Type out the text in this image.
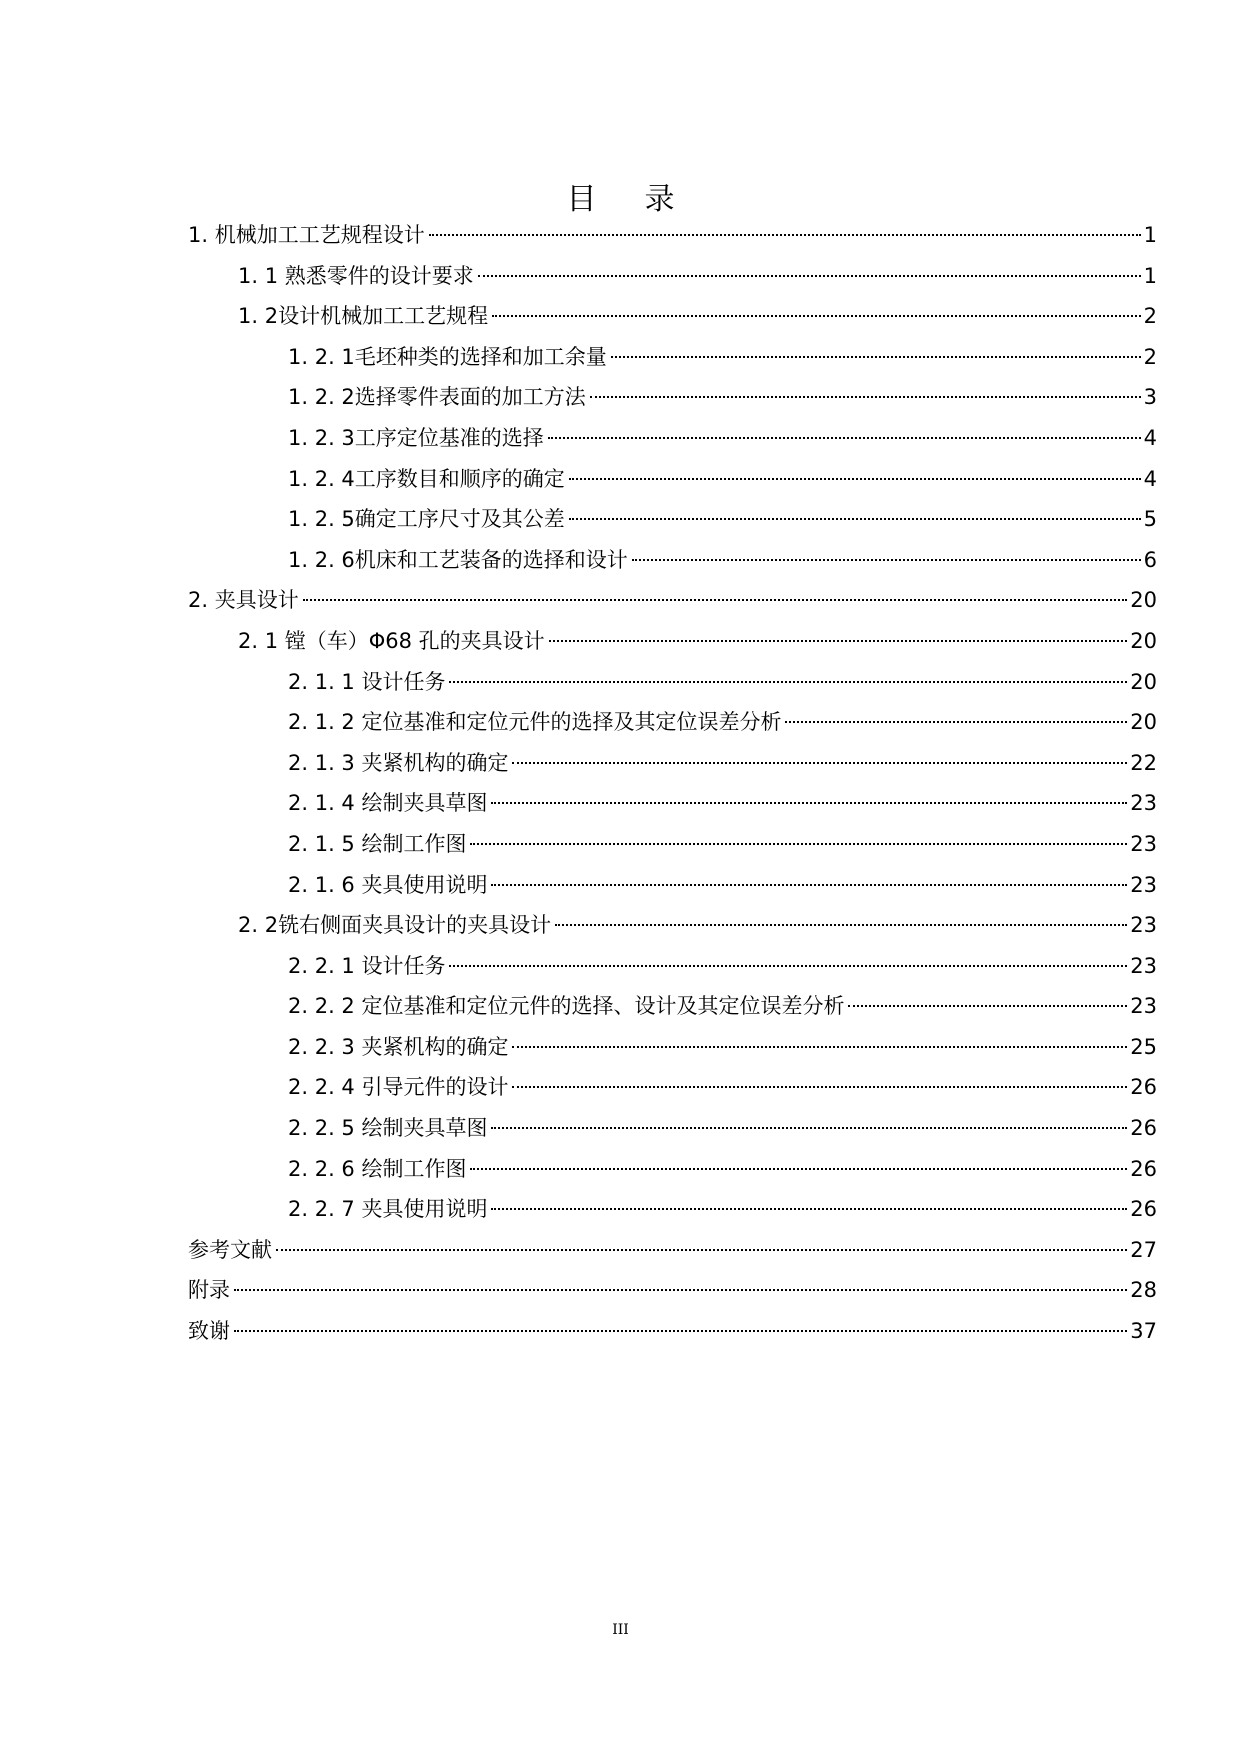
目录
1. 机械加工工艺规程设计	1
1. 1 熟悉零件的设计要求	1
1. 2设计机械加工工艺规程	2
1. 2. 1毛坯种类的选择和加工余量	2
1. 2. 2选择零件表面的加工方法	3
1. 2. 3工序定位基准的选择	4
1. 2. 4工序数目和顺序的确定	4
1. 2. 5确定工序尺寸及其公差	5
1. 2. 6机床和工艺装备的选择和设计	6
2. 夹具设计	20
2. 1 镗（车）Φ68 孔的夹具设计	20
2. 1. 1 设计任务	20
2. 1. 2 定位基准和定位元件的选择及其定位误差分析	20
2. 1. 3 夹紧机构的确定	22
2. 1. 4 绘制夹具草图	23
2. 1. 5 绘制工作图	23
2. 1. 6 夹具使用说明	23
2. 2铣右侧面夹具设计的夹具设计	23
2. 2. 1 设计任务	23
2. 2. 2 定位基准和定位元件的选择、设计及其定位误差分析	23
2. 2. 3 夹紧机构的确定	25
2. 2. 4 引导元件的设计	26
2. 2. 5 绘制夹具草图	26
2. 2. 6 绘制工作图	26
2. 2. 7 夹具使用说明	26
参考文献	27
附录	28
致谢	37
III
